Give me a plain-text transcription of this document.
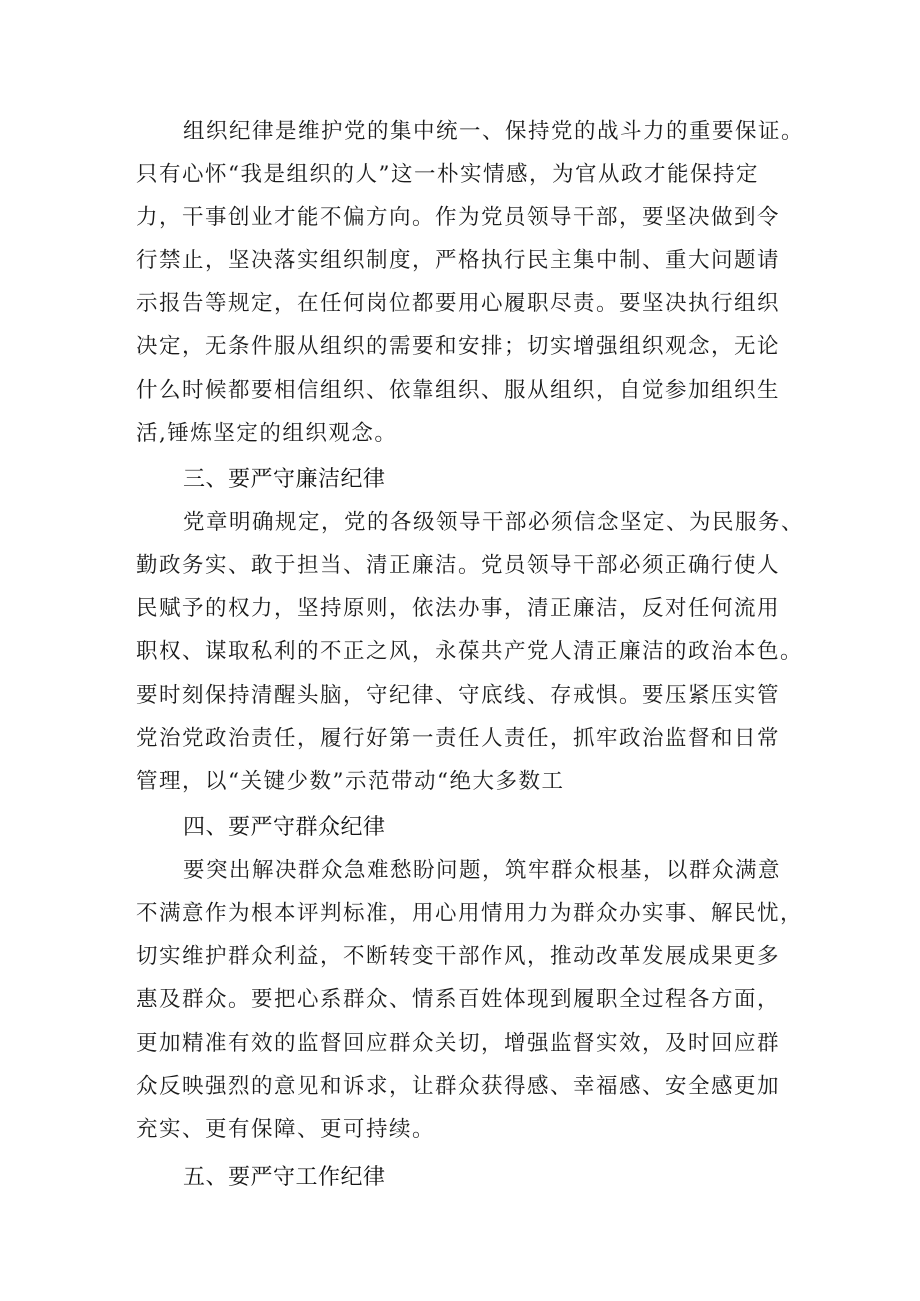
组织纪律是维护党的集中统一、保持党的战斗力的重要保证。
只有心怀“我是组织的人”这一朴实情感，为官从政才能保持定
力，干事创业才能不偏方向。作为党员领导干部，要坚决做到令
行禁止，坚决落实组织制度，严格执行民主集中制、重大问题请
示报告等规定，在任何岗位都要用心履职尽责。要坚决执行组织
决定，无条件服从组织的需要和安排；切实增强组织观念，无论
什么时候都要相信组织、依靠组织、服从组织，自觉参加组织生
活,锤炼坚定的组织观念。
三、要严守廉洁纪律
党章明确规定，党的各级领导干部必须信念坚定、为民服务、
勤政务实、敢于担当、清正廉洁。党员领导干部必须正确行使人
民赋予的权力，坚持原则，依法办事，清正廉洁，反对任何流用
职权、谋取私利的不正之风，永葆共产党人清正廉洁的政治本色。
要时刻保持清醒头脑，守纪律、守底线、存戒惧。要压紧压实管
党治党政治责任，履行好第一责任人责任，抓牢政治监督和日常
管理，以“关键少数”示范带动“绝大多数工
四、要严守群众纪律
要突出解决群众急难愁盼问题，筑牢群众根基，以群众满意
不满意作为根本评判标准，用心用情用力为群众办实事、解民忧，
切实维护群众利益，不断转变干部作风，推动改革发展成果更多
惠及群众。要把心系群众、情系百姓体现到履职全过程各方面，
更加精准有效的监督回应群众关切，增强监督实效，及时回应群
众反映强烈的意见和诉求，让群众获得感、幸福感、安全感更加
充实、更有保障、更可持续。
五、要严守工作纪律
